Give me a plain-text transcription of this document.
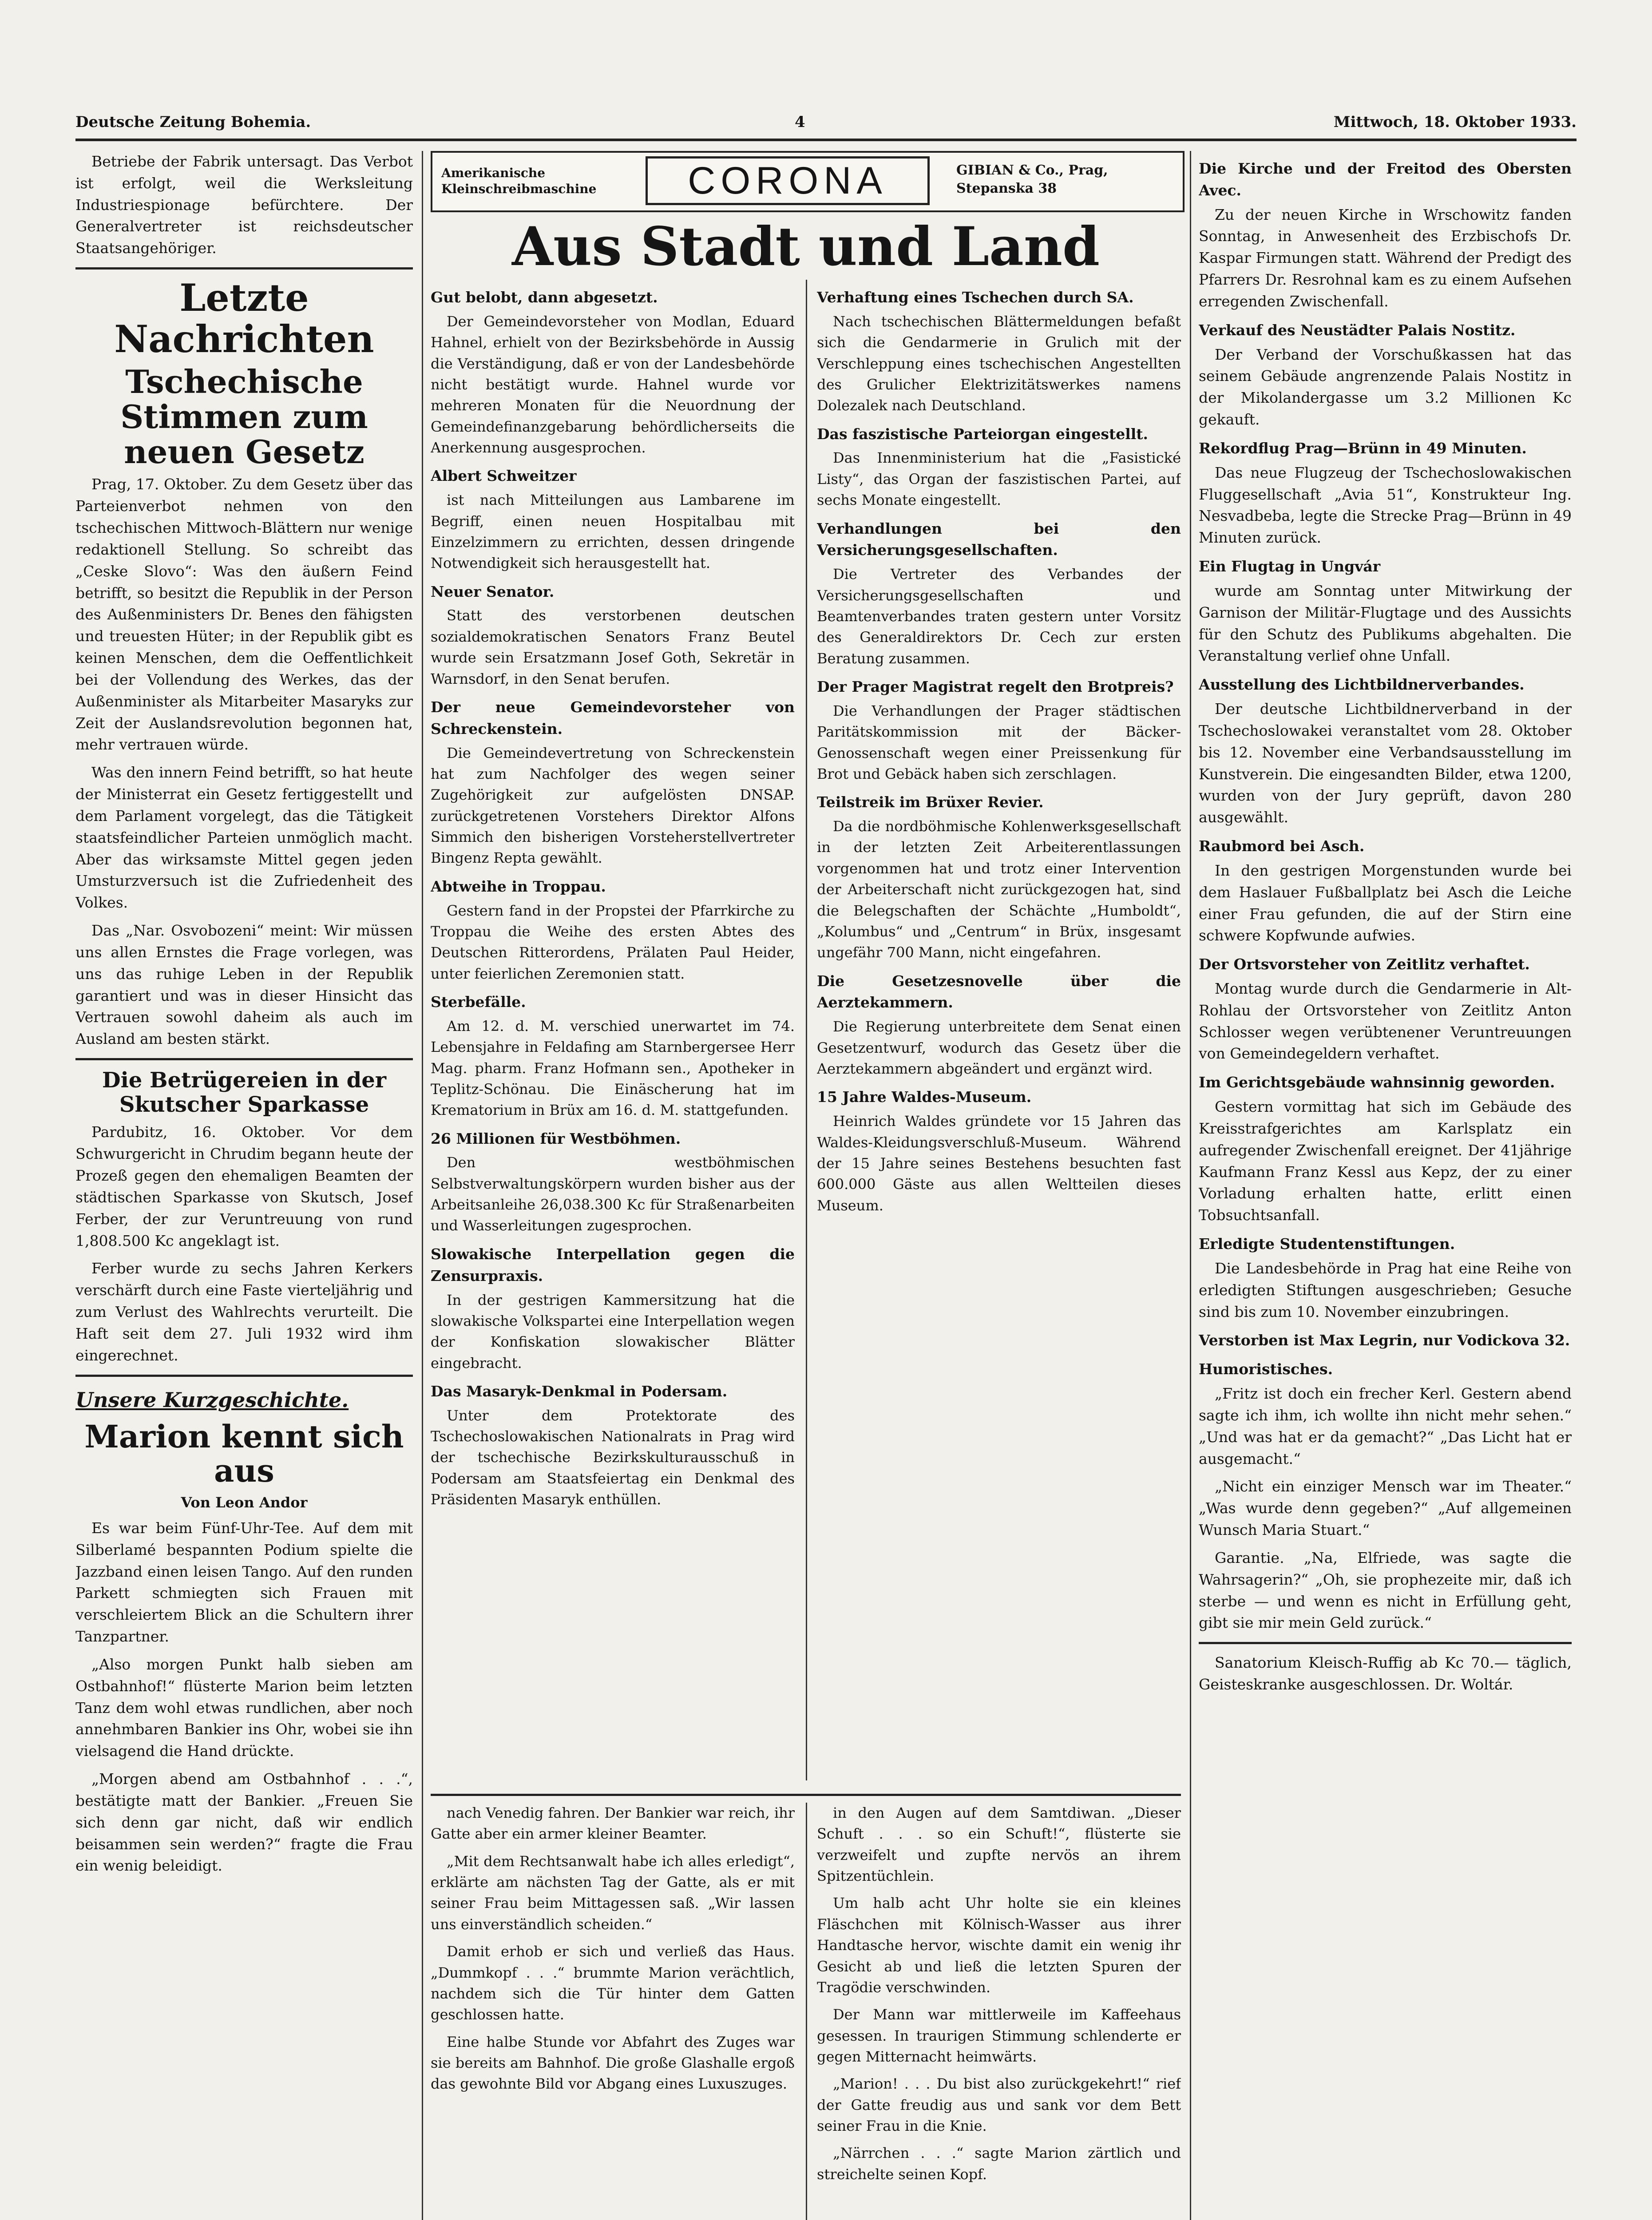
Deutsche Zeitung Bohemia.	4	Mittwoch, 18. Oktober 1933.

Betriebe der Fabrik untersagt. Das Verbot ist erfolgt, weil die Werksleitung Industriespionage befürchtere. Der Generalvertreter ist reichsdeutscher Staatsangehöriger.

Letzte Nachrichten
Tschechische Stimmen zum neuen Gesetz

Prag, 17. Oktober. Zu dem Gesetz über das Parteienverbot nehmen von den tschechischen Mittwoch-Blättern nur wenige redaktionell Stellung. So schreibt das „Ceske Slovo“: Was den äußern Feind betrifft, so besitzt die Republik in der Person des Außenministers Dr. Benes den fähigsten und treuesten Hüter; in der Republik gibt es keinen Menschen, dem die Oeffentlichkeit bei der Vollendung des Werkes, das der Außenminister als Mitarbeiter Masaryks zur Zeit der Auslandsrevolution begonnen hat, mehr vertrauen würde.

Was den innern Feind betrifft, so hat heute der Ministerrat ein Gesetz fertiggestellt und dem Parlament vorgelegt, das die Tätigkeit staatsfeindlicher Parteien unmöglich macht. Aber das wirksamste Mittel gegen jeden Umsturzversuch ist die Zufriedenheit des Volkes.

Das „Nar. Osvobozeni“ meint: Wir müssen uns allen Ernstes die Frage vorlegen, was uns das ruhige Leben in der Republik garantiert und was in dieser Hinsicht das Vertrauen sowohl daheim als auch im Ausland am besten stärkt.

Die Betrügereien in der Skutscher Sparkasse

Pardubitz, 16. Oktober. Vor dem Schwurgericht in Chrudim begann heute der Prozeß gegen den ehemaligen Beamten der städtischen Sparkasse von Skutsch, Josef Ferber, der zur Veruntreuung von rund 1,808.500 Kc angeklagt ist.

Ferber wurde zu sechs Jahren Kerkers verschärft durch eine Faste vierteljährig und zum Verlust des Wahlrechts verurteilt. Die Haft seit dem 27. Juli 1932 wird ihm eingerechnet.

Unsere Kurzgeschichte.
Marion kennt sich aus
Von Leon Andor

Es war beim Fünf-Uhr-Tee. Auf dem mit Silberlamé bespannten Podium spielte die Jazzband einen leisen Tango. Auf den runden Parkett schmiegten sich Frauen mit verschleiertem Blick an die Schultern ihrer Tanzpartner.

„Also morgen Punkt halb sieben am Ostbahnhof!“ flüsterte Marion beim letzten Tanz dem wohl etwas rundlichen, aber noch annehmbaren Bankier ins Ohr, wobei sie ihn vielsagend die Hand drückte.

„Morgen abend am Ostbahnhof . . .“, bestätigte matt der Bankier. „Freuen Sie sich denn gar nicht, daß wir endlich beisammen sein werden?“ fragte die Frau ein wenig beleidigt.

Amerikanische Kleinschreibmaschine	CORONA	GIBIAN & Co., Prag, Stepanska 38
Aus Stadt und Land
Gut belobt, dann abgesetzt.

Der Gemeindevorsteher von Modlan, Eduard Hahnel, erhielt von der Bezirksbehörde in Aussig die Verständigung, daß er von der Landesbehörde nicht bestätigt wurde. Hahnel wurde vor mehreren Monaten für die Neuordnung der Gemeindefinanzgebarung behördlicherseits die Anerkennung ausgesprochen.

Albert Schweitzer

ist nach Mitteilungen aus Lambarene im Begriff, einen neuen Hospitalbau mit Einzelzimmern zu errichten, dessen dringende Notwendigkeit sich herausgestellt hat.

Neuer Senator.

Statt des verstorbenen deutschen sozialdemokratischen Senators Franz Beutel wurde sein Ersatzmann Josef Goth, Sekretär in Warnsdorf, in den Senat berufen.

Der neue Gemeindevorsteher von Schreckenstein.

Die Gemeindevertretung von Schreckenstein hat zum Nachfolger des wegen seiner Zugehörigkeit zur aufgelösten DNSAP. zurückgetretenen Vorstehers Direktor Alfons Simmich den bisherigen Vorsteherstellvertreter Bingenz Repta gewählt.

Abtweihe in Troppau.

Gestern fand in der Propstei der Pfarrkirche zu Troppau die Weihe des ersten Abtes des Deutschen Ritterordens, Prälaten Paul Heider, unter feierlichen Zeremonien statt.

Sterbefälle.

Am 12. d. M. verschied unerwartet im 74. Lebensjahre in Feldafing am Starnbergersee Herr Mag. pharm. Franz Hofmann sen., Apotheker in Teplitz-Schönau. Die Einäscherung hat im Krematorium in Brüx am 16. d. M. stattgefunden.

26 Millionen für Westböhmen.

Den westböhmischen Selbstverwaltungskörpern wurden bisher aus der Arbeitsanleihe 26,038.300 Kc für Straßenarbeiten und Wasserleitungen zugesprochen.

Slowakische Interpellation gegen die Zensurpraxis.

In der gestrigen Kammersitzung hat die slowakische Volkspartei eine Interpellation wegen der Konfiskation slowakischer Blätter eingebracht.

Das Masaryk-Denkmal in Podersam.

Unter dem Protektorate des Tschechoslowakischen Nationalrats in Prag wird der tschechische Bezirkskulturausschuß in Podersam am Staatsfeiertag ein Denkmal des Präsidenten Masaryk enthüllen.

Verhaftung eines Tschechen durch SA.

Nach tschechischen Blättermeldungen befaßt sich die Gendarmerie in Grulich mit der Verschleppung eines tschechischen Angestellten des Grulicher Elektrizitätswerkes namens Dolezalek nach Deutschland.

Das faszistische Parteiorgan eingestellt.

Das Innenministerium hat die „Fasistické Listy“, das Organ der faszistischen Partei, auf sechs Monate eingestellt.

Verhandlungen bei den Versicherungsgesellschaften.

Die Vertreter des Verbandes der Versicherungsgesellschaften und Beamtenverbandes traten gestern unter Vorsitz des Generaldirektors Dr. Cech zur ersten Beratung zusammen.

Der Prager Magistrat regelt den Brotpreis?

Die Verhandlungen der Prager städtischen Paritätskommission mit der Bäcker-Genossenschaft wegen einer Preissenkung für Brot und Gebäck haben sich zerschlagen.

Teilstreik im Brüxer Revier.

Da die nordböhmische Kohlenwerksgesellschaft in der letzten Zeit Arbeiterentlassungen vorgenommen hat und trotz einer Intervention der Arbeiterschaft nicht zurückgezogen hat, sind die Belegschaften der Schächte „Humboldt“, „Kolumbus“ und „Centrum“ in Brüx, insgesamt ungefähr 700 Mann, nicht eingefahren.

Die Gesetzesnovelle über die Aerztekammern.

Die Regierung unterbreitete dem Senat einen Gesetzentwurf, wodurch das Gesetz über die Aerztekammern abgeändert und ergänzt wird.

15 Jahre Waldes-Museum.

Heinrich Waldes gründete vor 15 Jahren das Waldes-Kleidungsverschluß-Museum. Während der 15 Jahre seines Bestehens besuchten fast 600.000 Gäste aus allen Weltteilen dieses Museum.

nach Venedig fahren. Der Bankier war reich, ihr Gatte aber ein armer kleiner Beamter.

„Mit dem Rechtsanwalt habe ich alles erledigt“, erklärte am nächsten Tag der Gatte, als er mit seiner Frau beim Mittagessen saß. „Wir lassen uns einverständlich scheiden.“

Damit erhob er sich und verließ das Haus. „Dummkopf . . .“ brummte Marion verächtlich, nachdem sich die Tür hinter dem Gatten geschlossen hatte.

Eine halbe Stunde vor Abfahrt des Zuges war sie bereits am Bahnhof. Die große Glashalle ergoß das gewohnte Bild vor Abgang eines Luxuszuges.

in den Augen auf dem Samtdiwan. „Dieser Schuft . . . so ein Schuft!“, flüsterte sie verzweifelt und zupfte nervös an ihrem Spitzentüchlein.

Um halb acht Uhr holte sie ein kleines Fläschchen mit Kölnisch-Wasser aus ihrer Handtasche hervor, wischte damit ein wenig ihr Gesicht ab und ließ die letzten Spuren der Tragödie verschwinden.

Der Mann war mittlerweile im Kaffeehaus gesessen. In traurigen Stimmung schlenderte er gegen Mitternacht heimwärts.

„Marion! . . . Du bist also zurückgekehrt!“ rief der Gatte freudig aus und sank vor dem Bett seiner Frau in die Knie.

„Närrchen . . .“ sagte Marion zärtlich und streichelte seinen Kopf.

Die Kirche und der Freitod des Obersten Avec.

Zu der neuen Kirche in Wrschowitz fanden Sonntag, in Anwesenheit des Erzbischofs Dr. Kaspar Firmungen statt. Während der Predigt des Pfarrers Dr. Resrohnal kam es zu einem Aufsehen erregenden Zwischenfall.

Verkauf des Neustädter Palais Nostitz.

Der Verband der Vorschußkassen hat das seinem Gebäude angrenzende Palais Nostitz in der Mikolandergasse um 3.2 Millionen Kc gekauft.

Rekordflug Prag—Brünn in 49 Minuten.

Das neue Flugzeug der Tschechoslowakischen Fluggesellschaft „Avia 51“, Konstrukteur Ing. Nesvadbeba, legte die Strecke Prag—Brünn in 49 Minuten zurück.

Ein Flugtag in Ungvár

wurde am Sonntag unter Mitwirkung der Garnison der Militär-Flugtage und des Aussichts für den Schutz des Publikums abgehalten. Die Veranstaltung verlief ohne Unfall.

Ausstellung des Lichtbildnerverbandes.

Der deutsche Lichtbildnerverband in der Tschechoslowakei veranstaltet vom 28. Oktober bis 12. November eine Verbandsausstellung im Kunstverein. Die eingesandten Bilder, etwa 1200, wurden von der Jury geprüft, davon 280 ausgewählt.

Raubmord bei Asch.

In den gestrigen Morgenstunden wurde bei dem Haslauer Fußballplatz bei Asch die Leiche einer Frau gefunden, die auf der Stirn eine schwere Kopfwunde aufwies.

Der Ortsvorsteher von Zeitlitz verhaftet.

Montag wurde durch die Gendarmerie in Alt-Rohlau der Ortsvorsteher von Zeitlitz Anton Schlosser wegen verübtenener Veruntreuungen von Gemeindegeldern verhaftet.

Im Gerichtsgebäude wahnsinnig geworden.

Gestern vormittag hat sich im Gebäude des Kreisstrafgerichtes am Karlsplatz ein aufregender Zwischenfall ereignet. Der 41jährige Kaufmann Franz Kessl aus Kepz, der zu einer Vorladung erhalten hatte, erlitt einen Tobsuchtsanfall.

Erledigte Studentenstiftungen.

Die Landesbehörde in Prag hat eine Reihe von erledigten Stiftungen ausgeschrieben; Gesuche sind bis zum 10. November einzubringen.

Verstorben ist Max Legrin, nur Vodickova 32.
Humoristisches.

„Fritz ist doch ein frecher Kerl. Gestern abend sagte ich ihm, ich wollte ihn nicht mehr sehen.“ „Und was hat er da gemacht?“ „Das Licht hat er ausgemacht.“

„Nicht ein einziger Mensch war im Theater.“ „Was wurde denn gegeben?“ „Auf allgemeinen Wunsch Maria Stuart.“

Garantie. „Na, Elfriede, was sagte die Wahrsagerin?“ „Oh, sie prophezeite mir, daß ich sterbe — und wenn es nicht in Erfüllung geht, gibt sie mir mein Geld zurück.“

Sanatorium Kleisch-Ruffig ab Kc 70.— täglich, Geisteskranke ausgeschlossen. Dr. Woltár.
